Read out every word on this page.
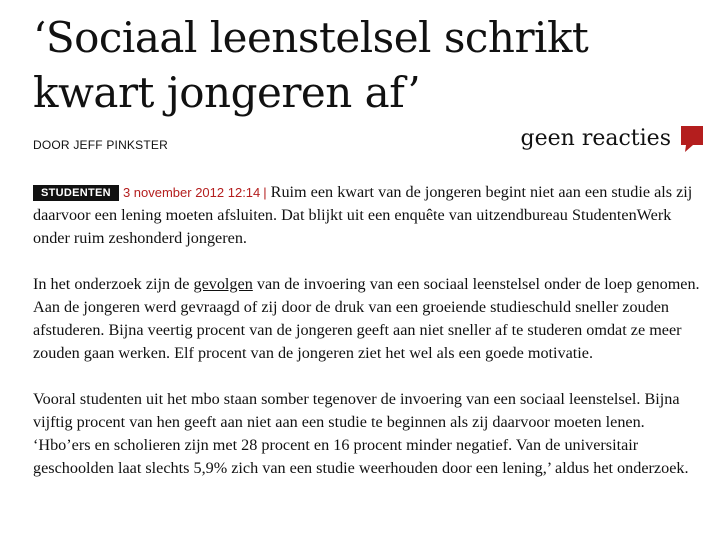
‘Sociaal leenstelsel schrikt kwart jongeren af’
DOOR JEFF PINKSTER	geen reacties

STUDENTEN 3 november 2012 12:14 | Ruim een kwart van de jongeren begint niet aan een studie als zij daarvoor een lening moeten afsluiten. Dat blijkt uit een enquête van uitzendbureau StudentenWerk onder ruim zeshonderd jongeren.

In het onderzoek zijn de gevolgen van de invoering van een sociaal leenstelsel onder de loep genomen. Aan de jongeren werd gevraagd of zij door de druk van een groeiende studieschuld sneller zouden afstuderen. Bijna veertig procent van de jongeren geeft aan niet sneller af te studeren omdat ze meer zouden gaan werken. Elf procent van de jongeren ziet het wel als een goede motivatie.

Vooral studenten uit het mbo staan somber tegenover de invoering van een sociaal leenstelsel. Bijna vijftig procent van hen geeft aan niet aan een studie te beginnen als zij daarvoor moeten lenen. ‘Hbo’ers en scholieren zijn met 28 procent en 16 procent minder negatief. Van de universitair geschoolden laat slechts 5,9% zich van een studie weerhouden door een lening,’ aldus het onderzoek.
